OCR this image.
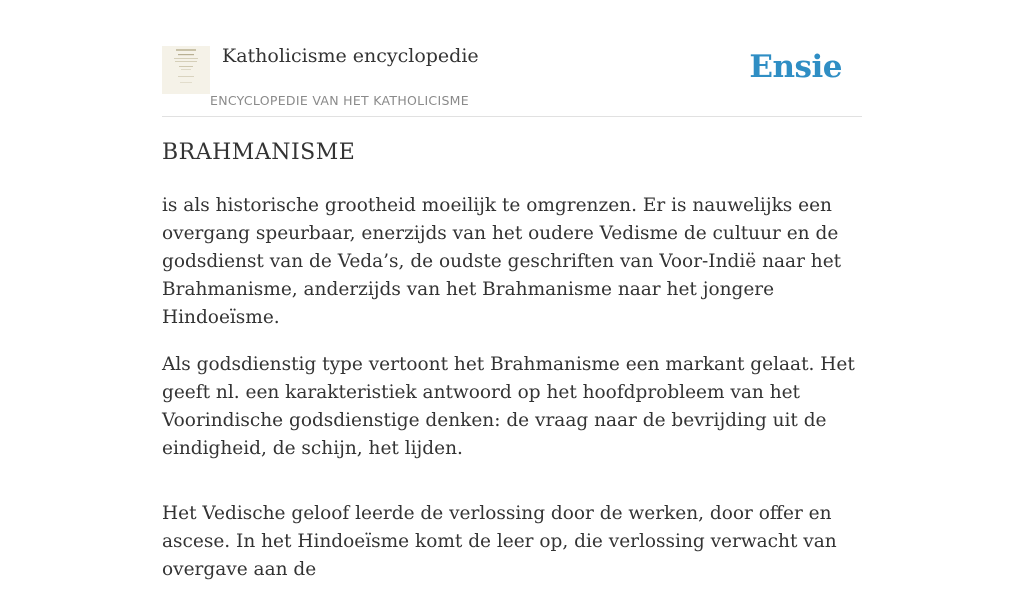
Katholicisme encyclopedie
ENCYCLOPEDIE VAN HET KATHOLICISME
Ensie
BRAHMANISME

is als historische grootheid moeilijk te omgrenzen. Er is nauwelijks een overgang speurbaar, enerzijds van het oudere Vedisme de cultuur en de godsdienst van de Veda’s, de oudste geschriften van Voor-Indië naar het Brahmanisme, anderzijds van het Brahmanisme naar het jongere Hindoeïsme.

Als godsdienstig type vertoont het Brahmanisme een markant gelaat. Het geeft nl. een karakteristiek antwoord op het hoofdprobleem van het Voorindische godsdienstige denken: de vraag naar de bevrijding uit de eindigheid, de schijn, het lijden.

Het Vedische geloof leerde de verlossing door de werken, door offer en ascese. In het Hindoeïsme komt de leer op, die verlossing verwacht van overgave aan de
